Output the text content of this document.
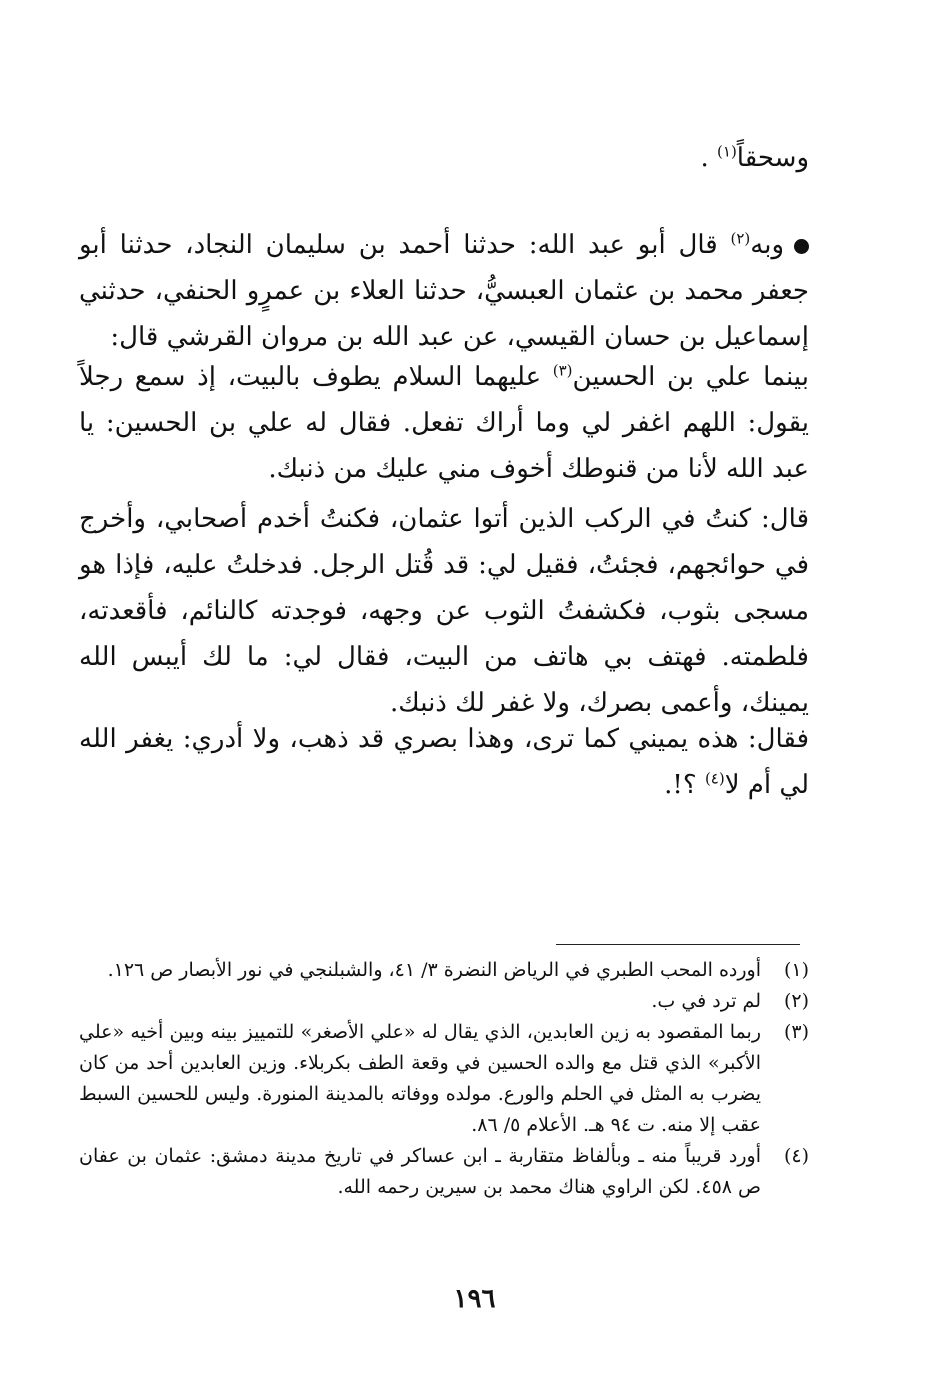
وسحقاً$^{(١)}$ .
وبه$^{(٢)}$ قال أبو عبد الله: حدثنا أحمد بن سليمان النجاد، حدثنا أبو جعفر محمد بن عثمان العبسيُّ، حدثنا العلاء بن عمرٍو الحنفي، حدثني إسماعيل بن حسان القيسي، عن عبد الله بن مروان القرشي قال:
بينما علي بن الحسين$^{(٣)}$ عليهما السلام يطوف بالبيت، إذ سمع رجلاً يقول: اللهم اغفر لي وما أراك تفعل. فقال له علي بن الحسين: يا عبد الله لأنا من قنوطك أخوف مني عليك من ذنبك.
قال: كنتُ في الركب الذين أتوا عثمان، فكنتُ أخدم أصحابي، وأخرج في حوائجهم، فجئتُ، فقيل لي: قد قُتل الرجل. فدخلتُ عليه، فإذا هو مسجى بثوب، فكشفتُ الثوب عن وجهه، فوجدته كالنائم، فأقعدته، فلطمته. فهتف بي هاتف من البيت، فقال لي: ما لك أيبس الله يمينك، وأعمى بصرك، ولا غفر لك ذنبك.
فقال: هذه يميني كما ترى، وهذا بصري قد ذهب، ولا أدري: يغفر الله لي أم لا$^{(٤)}$ ؟!.

(١)
أورده المحب الطبري في الرياض النضرة ٣/ ٤١، والشبلنجي في نور الأبصار ص ١٢٦.

(٢)
لم ترد في ب.

(٣)
ربما المقصود به زين العابدين، الذي يقال له «علي الأصغر» للتمييز بينه وبين أخيه «علي الأكبر» الذي قتل مع والده الحسين في وقعة الطف بكربلاء. وزين العابدين أحد من كان يضرب به المثل في الحلم والورع. مولده ووفاته بالمدينة المنورة. وليس للحسين السبط عقب إلا منه. ت ٩٤ هـ. الأعلام ٥/ ٨٦.

(٤)
أورد قريباً منه ـ وبألفاظ متقاربة ـ ابن عساكر في تاريخ مدينة دمشق: عثمان بن عفان ص ٤٥٨. لكن الراوي هناك محمد بن سيرين رحمه الله.

١٩٦
